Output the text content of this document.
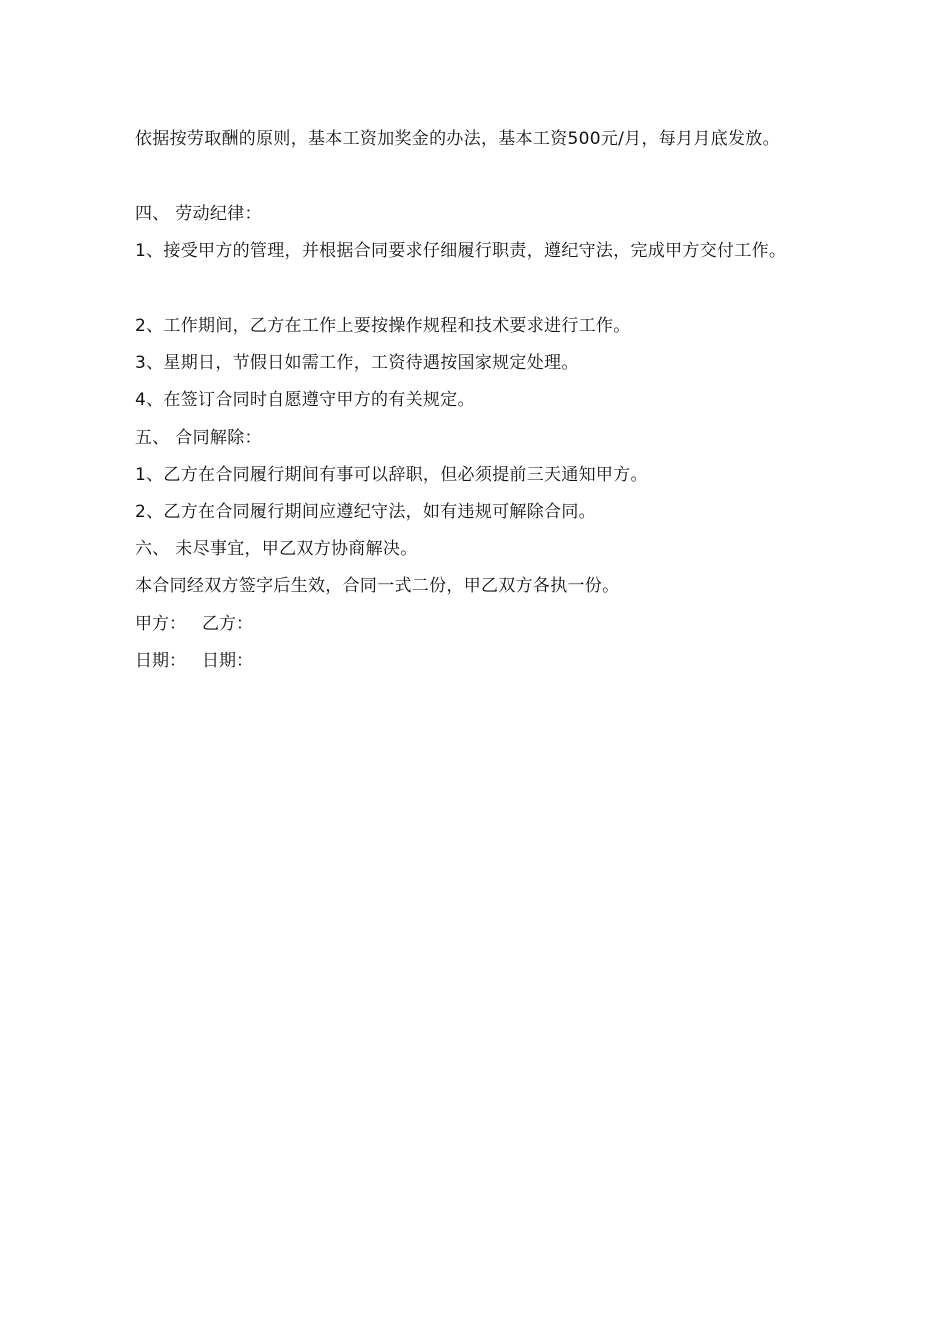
依据按劳取酬的原则，基本工资加奖金的办法，基本工资500元/月，每月月底发放。
四、 劳动纪律：
1、接受甲方的管理，并根据合同要求仔细履行职责，遵纪守法，完成甲方交付工作。
2、工作期间，乙方在工作上要按操作规程和技术要求进行工作。
3、星期日，节假日如需工作，工资待遇按国家规定处理。
4、在签订合同时自愿遵守甲方的有关规定。
五、 合同解除：
1、乙方在合同履行期间有事可以辞职，但必须提前三天通知甲方。
2、乙方在合同履行期间应遵纪守法，如有违规可解除合同。
六、 未尽事宜，甲乙双方协商解决。
本合同经双方签字后生效，合同一式二份，甲乙双方各执一份。
甲方： 乙方：
日期： 日期：
